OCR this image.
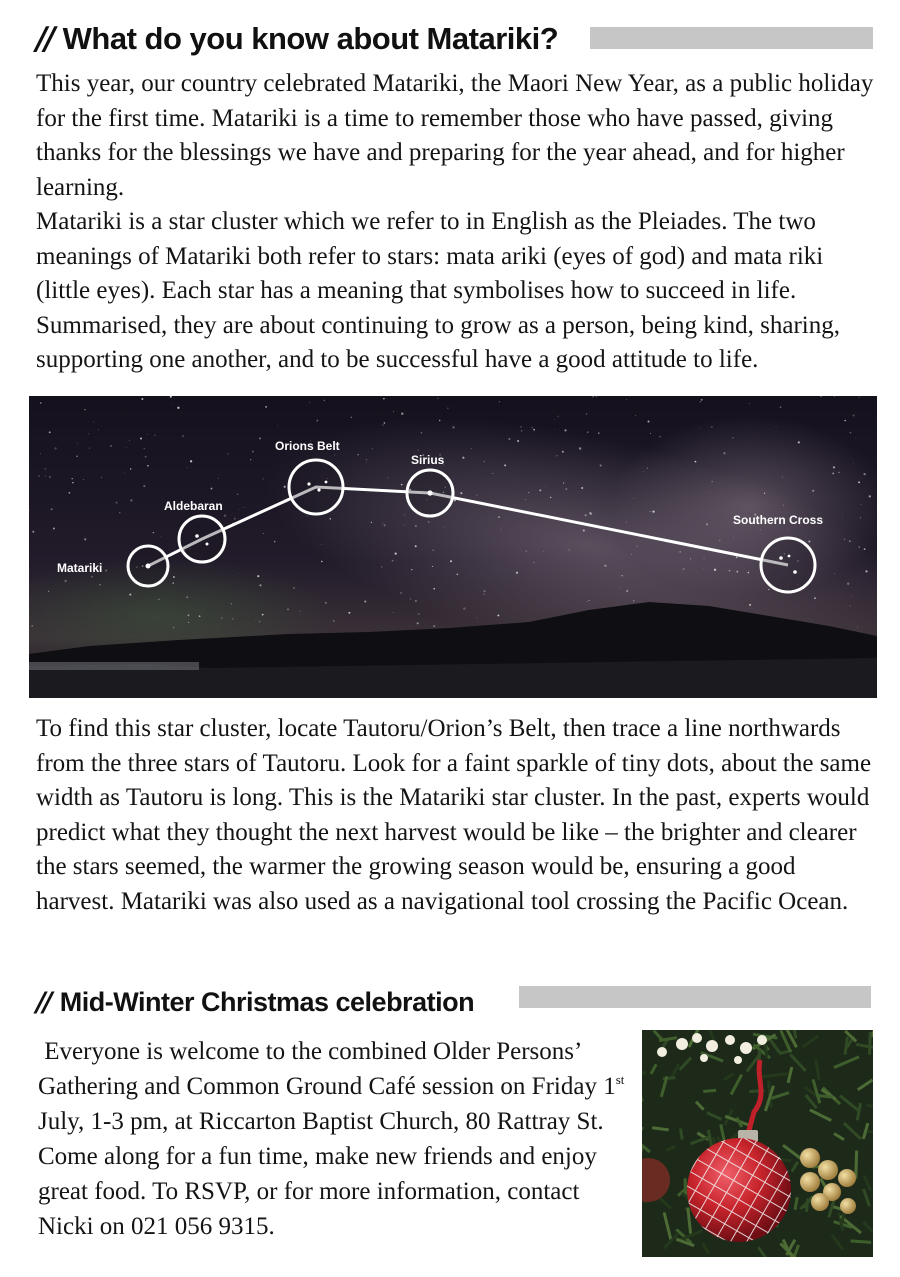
// What do you know about Matariki?

This year, our country celebrated Matariki, the Maori New Year, as a public holiday for the first time. Matariki is a time to remember those who have passed, giving thanks for the blessings we have and preparing for the year ahead, and for higher learning.

Matariki is a star cluster which we refer to in English as the Pleiades. The two meanings of Matariki both refer to stars: mata ariki (eyes of god) and mata riki (little eyes). Each star has a meaning that symbolises how to succeed in life. Summarised, they are about continuing to grow as a person, being kind, sharing, supporting one another, and to be successful have a good attitude to life.

Matariki
Aldebaran
Orions Belt
Sirius
Southern Cross

To find this star cluster, locate Tautoru/Orion’s Belt, then trace a line northwards from the three stars of Tautoru. Look for a faint sparkle of tiny dots, about the same width as Tautoru is long. This is the Matariki star cluster. In the past, experts would predict what they thought the next harvest would be like – the brighter and clearer the stars seemed, the warmer the growing season would be, ensuring a good harvest. Matariki was also used as a navigational tool crossing the Pacific Ocean.

// Mid-Winter Christmas celebration

Everyone is welcome to the combined Older Persons’ Gathering and Common Ground Café session on Friday 1st July, 1-3 pm, at Riccarton Baptist Church, 80 Rattray St. Come along for a fun time, make new friends and enjoy great food. To RSVP, or for more information, contact Nicki on 021 056 9315.
